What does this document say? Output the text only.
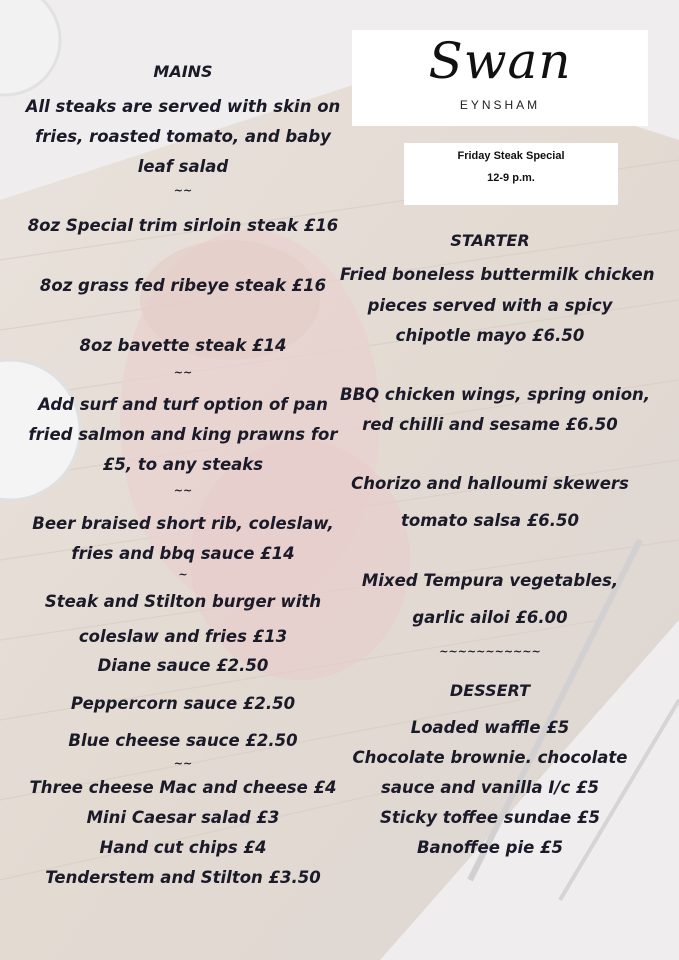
Swan
EYNSHAM
Friday Steak Special
12-9 p.m.
MAINS
All steaks are served with skin on
fries, roasted tomato, and baby
leaf salad
~~
8oz Special trim sirloin steak £16
8oz grass fed ribeye steak £16
8oz bavette steak £14
~~
Add surf and turf option of pan
fried salmon and king prawns for
£5, to any steaks
~~
Beer braised short rib, coleslaw,
fries and bbq sauce £14
~
Steak and Stilton burger with
coleslaw and fries £13
Diane sauce £2.50
Peppercorn sauce £2.50
Blue cheese sauce £2.50
~~
Three cheese Mac and cheese £4
Mini Caesar salad £3
Hand cut chips £4
Tenderstem and Stilton £3.50
STARTER
Fried boneless buttermilk chicken
pieces served with a spicy
chipotle mayo £6.50
BBQ chicken wings, spring onion,
red chilli and sesame £6.50
Chorizo and halloumi skewers
tomato salsa £6.50
Mixed Tempura vegetables,
garlic ailoi £6.00
~~~~~~~~~~~
DESSERT
Loaded waffle £5
Chocolate brownie. chocolate
sauce and vanilla I/c £5
Sticky toffee sundae £5
Banoffee pie £5
